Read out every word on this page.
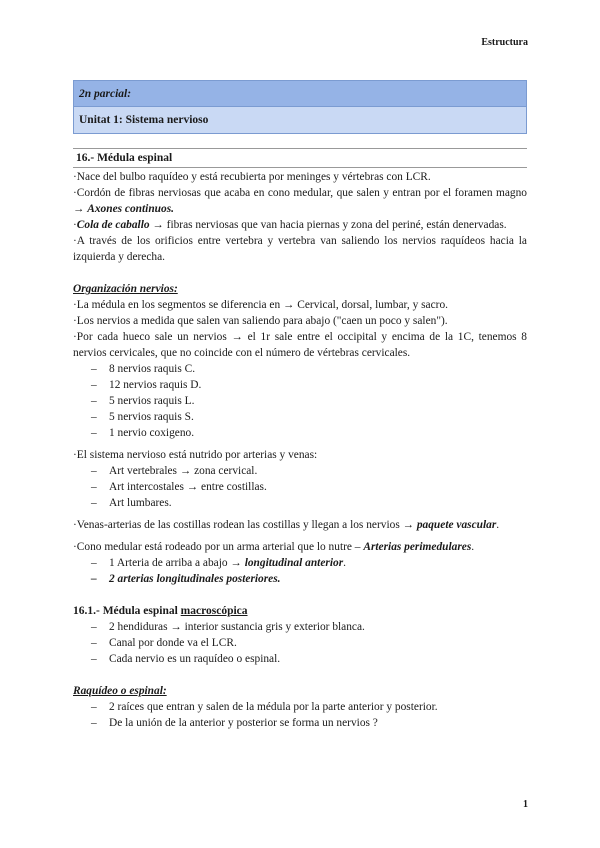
Estructura
2n parcial:
Unitat 1: Sistema nervioso
16.- Médula espinal

·Nace del bulbo raquídeo y está recubierta por meninges y vértebras con LCR.

·Cordón de fibras nerviosas que acaba en cono medular, que salen y entran por el foramen magno → Axones continuos.

·Cola de caballo → fibras nerviosas que van hacia piernas y zona del periné, están denervadas.

·A través de los orificios entre vertebra y vertebra van saliendo los nervios raquídeos hacia la izquierda y derecha.

Organización nervios:

·La médula en los segmentos se diferencia en → Cervical, dorsal, lumbar, y sacro.

·Los nervios a medida que salen van saliendo para abajo ("caen un poco y salen").

·Por cada hueco sale un nervios → el 1r sale entre el occipital y encima de la 1C, tenemos 8 nervios cervicales, que no coincide con el número de vértebras cervicales.

– 8 nervios raquis C.
– 12 nervios raquis D.
– 5 nervios raquis L.
– 5 nervios raquis S.
– 1 nervio coxigeno.

·El sistema nervioso está nutrido por arterias y venas:

– Art vertebrales → zona cervical.
– Art intercostales → entre costillas.
– Art lumbares.

·Venas-arterias de las costillas rodean las costillas y llegan a los nervios → paquete vascular.

·Cono medular está rodeado por un arma arterial que lo nutre – Arterias perimedulares.

– 1 Arteria de arriba a abajo → longitudinal anterior.
– 2 arterias longitudinales posteriores.

16.1.- Médula espinal macroscópica

– 2 hendiduras → interior sustancia gris y exterior blanca.
– Canal por donde va el LCR.
– Cada nervio es un raquídeo o espinal.

Raquídeo o espinal:

– 2 raíces que entran y salen de la médula por la parte anterior y posterior.
– De la unión de la anterior y posterior se forma un nervios ?
1
